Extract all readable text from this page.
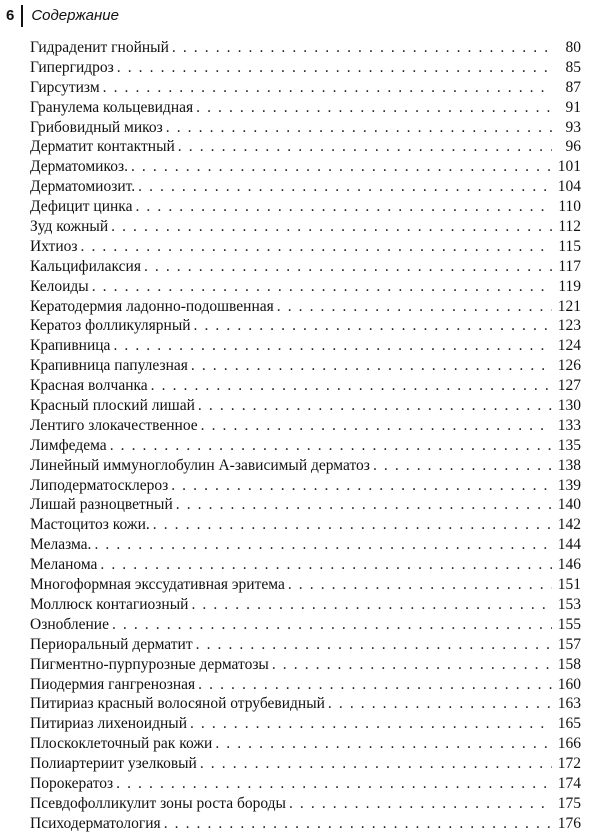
6 Содержание
Гидраденит гнойный . . .	80
Гипергидроз . . .	85
Гирсутизм . . .	87
Гранулема кольцевидная . . .	91
Грибовидный микоз . . .	93
Дерматит контактный . . .	96
Дерматомикоз. . . .	101
Дерматомиозит. . . .	104
Дефицит цинка . . .	110
Зуд кожный . . .	112
Ихтиоз . . .	115
Кальцифилаксия . . .	117
Келоиды . . .	119
Кератодермия ладонно-подошвенная . . .	121
Кератоз фолликулярный . . .	123
Крапивница . . .	124
Крапивница папулезная . . .	126
Красная волчанка . . .	127
Красный плоский лишай . . .	130
Лентиго злокачественное . . .	133
Лимфедема . . .	135
Линейный иммуноглобулин А-зависимый дерматоз . . .	138
Липодерматосклероз . . .	139
Лишай разноцветный . . .	140
Мастоцитоз кожи. . . .	142
Мелазма. . . .	144
Меланома . . .	146
Многоформная экссудативная эритема . . .	151
Моллюск контагиозный . . .	153
Ознобление . . .	155
Периоральный дерматит . . .	157
Пигментно-пурпурозные дерматозы . . .	158
Пиодермия гангренозная . . .	160
Питириаз красный волосяной отрубевидный . . .	163
Питириаз лихеноидный . . .	165
Плоскоклеточный рак кожи . . .	166
Полиартериит узелковый . . .	172
Порокератоз . . .	174
Псевдофолликулит зоны роста бороды . . .	175
Психодерматология . . .	176
